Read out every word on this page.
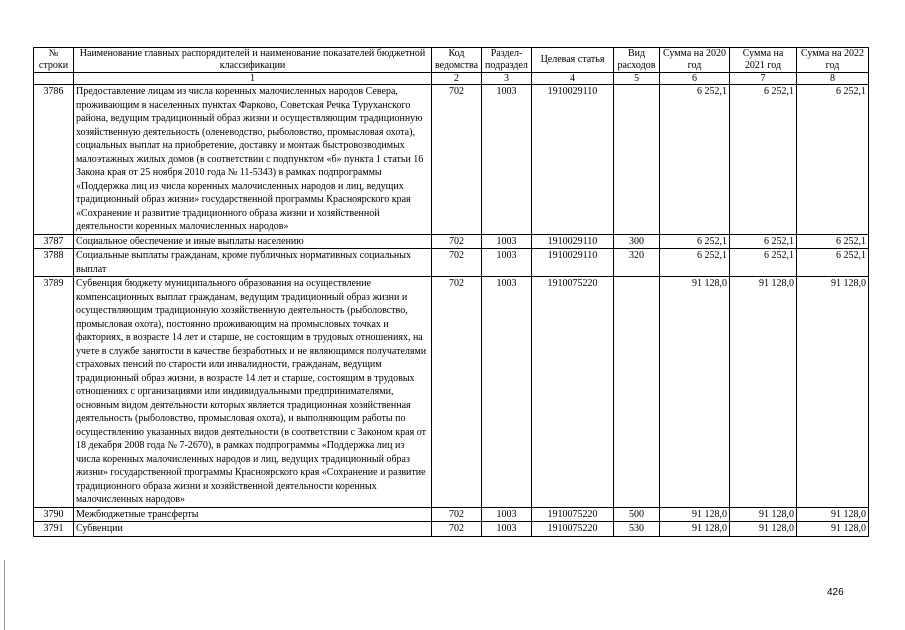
№ строки	Наименование главных распорядителей и наименование показателей бюджетной классификации	Код ведомства	Раздел-подраздел	Целевая статья	Вид расходов	Сумма на 2020 год	Сумма на 2021 год	Сумма на 2022 год
	1	2	3	4	5	6	7	8
3786	Предоставление лицам из числа коренных малочисленных народов Севера, проживающим в населенных пунктах Фарково, Советская Речка Туруханского района, ведущим традиционный образ жизни и осуществляющим традиционную хозяйственную деятельность (оленеводство, рыболовство, промысловая охота), социальных выплат на приобретение, доставку и монтаж быстровозводимых малоэтажных жилых домов (в соответствии с подпунктом «б» пункта 1 статьи 16 Закона края от 25 ноября 2010 года № 11-5343) в рамках подпрограммы «Поддержка лиц из числа коренных малочисленных народов и лиц, ведущих традиционный образ жизни» государственной программы Красноярского края «Сохранение и развитие традиционного образа жизни и хозяйственной деятельности коренных малочисленных народов»	702	1003	1910029110		6 252,1	6 252,1	6 252,1
3787	Социальное обеспечение и иные выплаты населению	702	1003	1910029110	300	6 252,1	6 252,1	6 252,1
3788	Социальные выплаты гражданам, кроме публичных нормативных социальных выплат	702	1003	1910029110	320	6 252,1	6 252,1	6 252,1
3789	Субвенция бюджету муниципального образования на осуществление компенсационных выплат гражданам, ведущим традиционный образ жизни и осуществляющим традиционную хозяйственную деятельность (рыболовство, промысловая охота), постоянно проживающим на промысловых точках и факториях, в возрасте 14 лет и старше, не состоящим в трудовых отношениях, на учете в службе занятости в качестве безработных и не являющимся получателями страховых пенсий по старости или инвалидности, гражданам, ведущим традиционный образ жизни, в возрасте 14 лет и старше, состоящим в трудовых отношениях с организациями или индивидуальными предпринимателями, основным видом деятельности которых является традиционная хозяйственная деятельность (рыболовство, промысловая охота), и выполняющим работы по осуществлению указанных видов деятельности (в соответствии с Законом края от 18 декабря 2008 года № 7-2670), в рамках подпрограммы «Поддержка лиц из числа коренных малочисленных народов и лиц, ведущих традиционный образ жизни» государственной программы Красноярского края «Сохранение и развитие традиционного образа жизни и хозяйственной деятельности коренных малочисленных народов»	702	1003	1910075220		91 128,0	91 128,0	91 128,0
3790	Межбюджетные трансферты	702	1003	1910075220	500	91 128,0	91 128,0	91 128,0
3791	Субвенции	702	1003	1910075220	530	91 128,0	91 128,0	91 128,0
426
